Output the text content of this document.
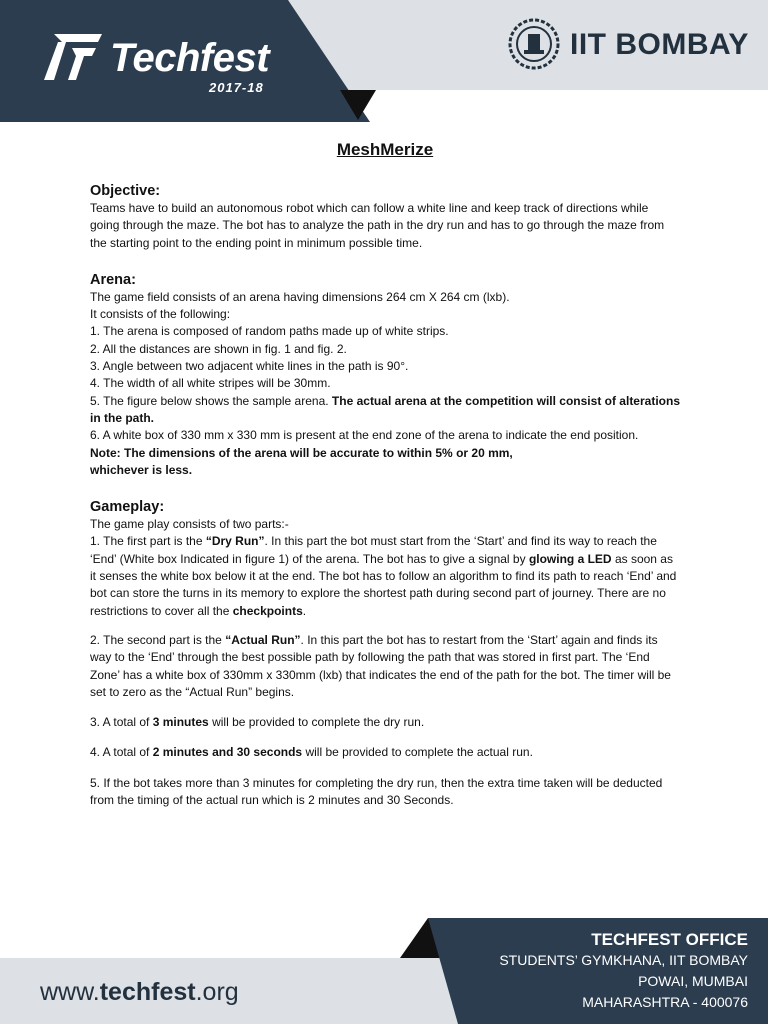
Techfest
2017-18
IIT BOMBAY
MeshMerize
Objective:

Teams have to build an autonomous robot which can follow a white line and keep track of directions while going through the maze. The bot has to analyze the path in the dry run and has to go through the maze from the starting point to the ending point in minimum possible time.

Arena:
The game field consists of an arena having dimensions 264 cm X 264 cm (lxb).
It consists of the following:
1. The arena is composed of random paths made up of white strips.
2. All the distances are shown in fig. 1 and fig. 2.
3. Angle between two adjacent white lines in the path is 90°.
4. The width of all white stripes will be 30mm.
5. The figure below shows the sample arena. The actual arena at the competition will consist of alterations in the path.
6. A white box of 330 mm x 330 mm is present at the end zone of the arena to indicate the end position.
Note: The dimensions of the arena will be accurate to within 5% or 20 mm,
whichever is less.
Gameplay:
The game play consists of two parts:-

1. The first part is the “Dry Run”. In this part the bot must start from the ‘Start’ and find its way to reach the ‘End’ (White box Indicated in figure 1) of the arena. The bot has to give a signal by glowing a LED as soon as it senses the white box below it at the end. The bot has to follow an algorithm to find its path to reach ‘End’ and bot can store the turns in its memory to explore the shortest path during second part of journey. There are no restrictions to cover all the checkpoints.

2. The second part is the “Actual Run”. In this part the bot has to restart from the ‘Start’ again and finds its way to the ‘End’ through the best possible path by following the path that was stored in first part. The ‘End Zone’ has a white box of 330mm x 330mm (lxb) that indicates the end of the path for the bot. The timer will be set to zero as the “Actual Run” begins.

3. A total of 3 minutes will be provided to complete the dry run.

4. A total of 2 minutes and 30 seconds will be provided to complete the actual run.

5. If the bot takes more than 3 minutes for completing the dry run, then the extra time taken will be deducted from the timing of the actual run which is 2 minutes and 30 Seconds.

www.techfest.org
TECHFEST OFFICE
STUDENTS’ GYMKHANA, IIT BOMBAY
POWAI, MUMBAI
MAHARASHTRA - 400076
